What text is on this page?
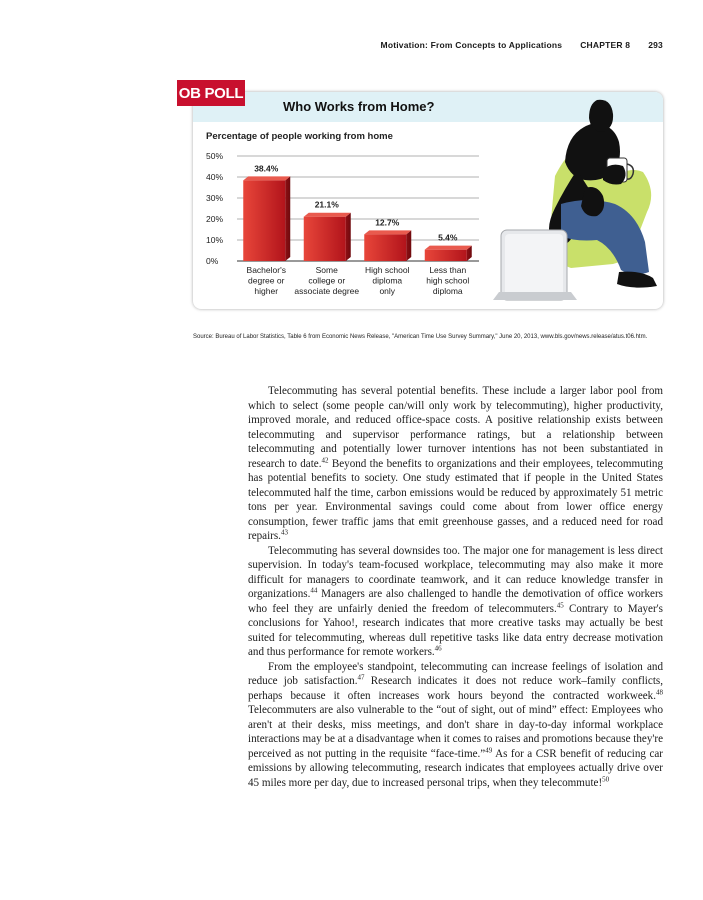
Motivation: From Concepts to Applications CHAPTER 8 293
Who Works from Home?
Percentage of people working from home
0%
10%
20%
30%
40%
50%
38.4%
Bachelor's degree or higher
21.1%
Some college or associate degree
12.7%
High school diploma only
5.4%
Less than high school diploma
OB POLL
Source: Bureau of Labor Statistics, Table 6 from Economic News Release, "American Time Use Survey Summary," June 20, 2013, www.bls.gov/news.release/atus.t06.htm.

Telecommuting has several potential benefits. These include a larger labor pool from which to select (some people can/will only work by telecommuting), higher productivity, improved morale, and reduced office-space costs. A positive relationship exists between telecommuting and supervisor performance ratings, but a relationship between telecommuting and potentially lower turnover intentions has not been substantiated in research to date.$^{42}$ Beyond the benefits to organizations and their employees, telecommuting has potential benefits to society. One study estimated that if people in the United States telecommuted half the time, carbon emissions would be reduced by approximately 51 metric tons per year. Environmental savings could come about from lower office energy consumption, fewer traffic jams that emit greenhouse gasses, and a reduced need for road repairs.$^{43}$

Telecommuting has several downsides too. The major one for management is less direct supervision. In today's team-focused workplace, telecommuting may also make it more difficult for managers to coordinate teamwork, and it can reduce knowledge transfer in organizations.$^{44}$ Managers are also challenged to handle the demotivation of office workers who feel they are unfairly denied the freedom of telecommuters.$^{45}$ Contrary to Mayer's conclusions for Yahoo!, research indicates that more creative tasks may actually be best suited for telecommuting, whereas dull repetitive tasks like data entry decrease motivation and thus performance for remote workers.$^{46}$

From the employee's standpoint, telecommuting can increase feelings of isolation and reduce job satisfaction.$^{47}$ Research indicates it does not reduce work–family conflicts, perhaps because it often increases work hours beyond the contracted workweek.$^{48}$ Telecommuters are also vulnerable to the “out of sight, out of mind” effect: Employees who aren't at their desks, miss meetings, and don't share in day-to-day informal workplace interactions may be at a disadvantage when it comes to raises and promotions because they're perceived as not putting in the requisite “face-time.”$^{49}$ As for a CSR benefit of reducing car emissions by allowing telecommuting, research indicates that employees actually drive over 45 miles more per day, due to increased personal trips, when they telecommute!$^{50}$
